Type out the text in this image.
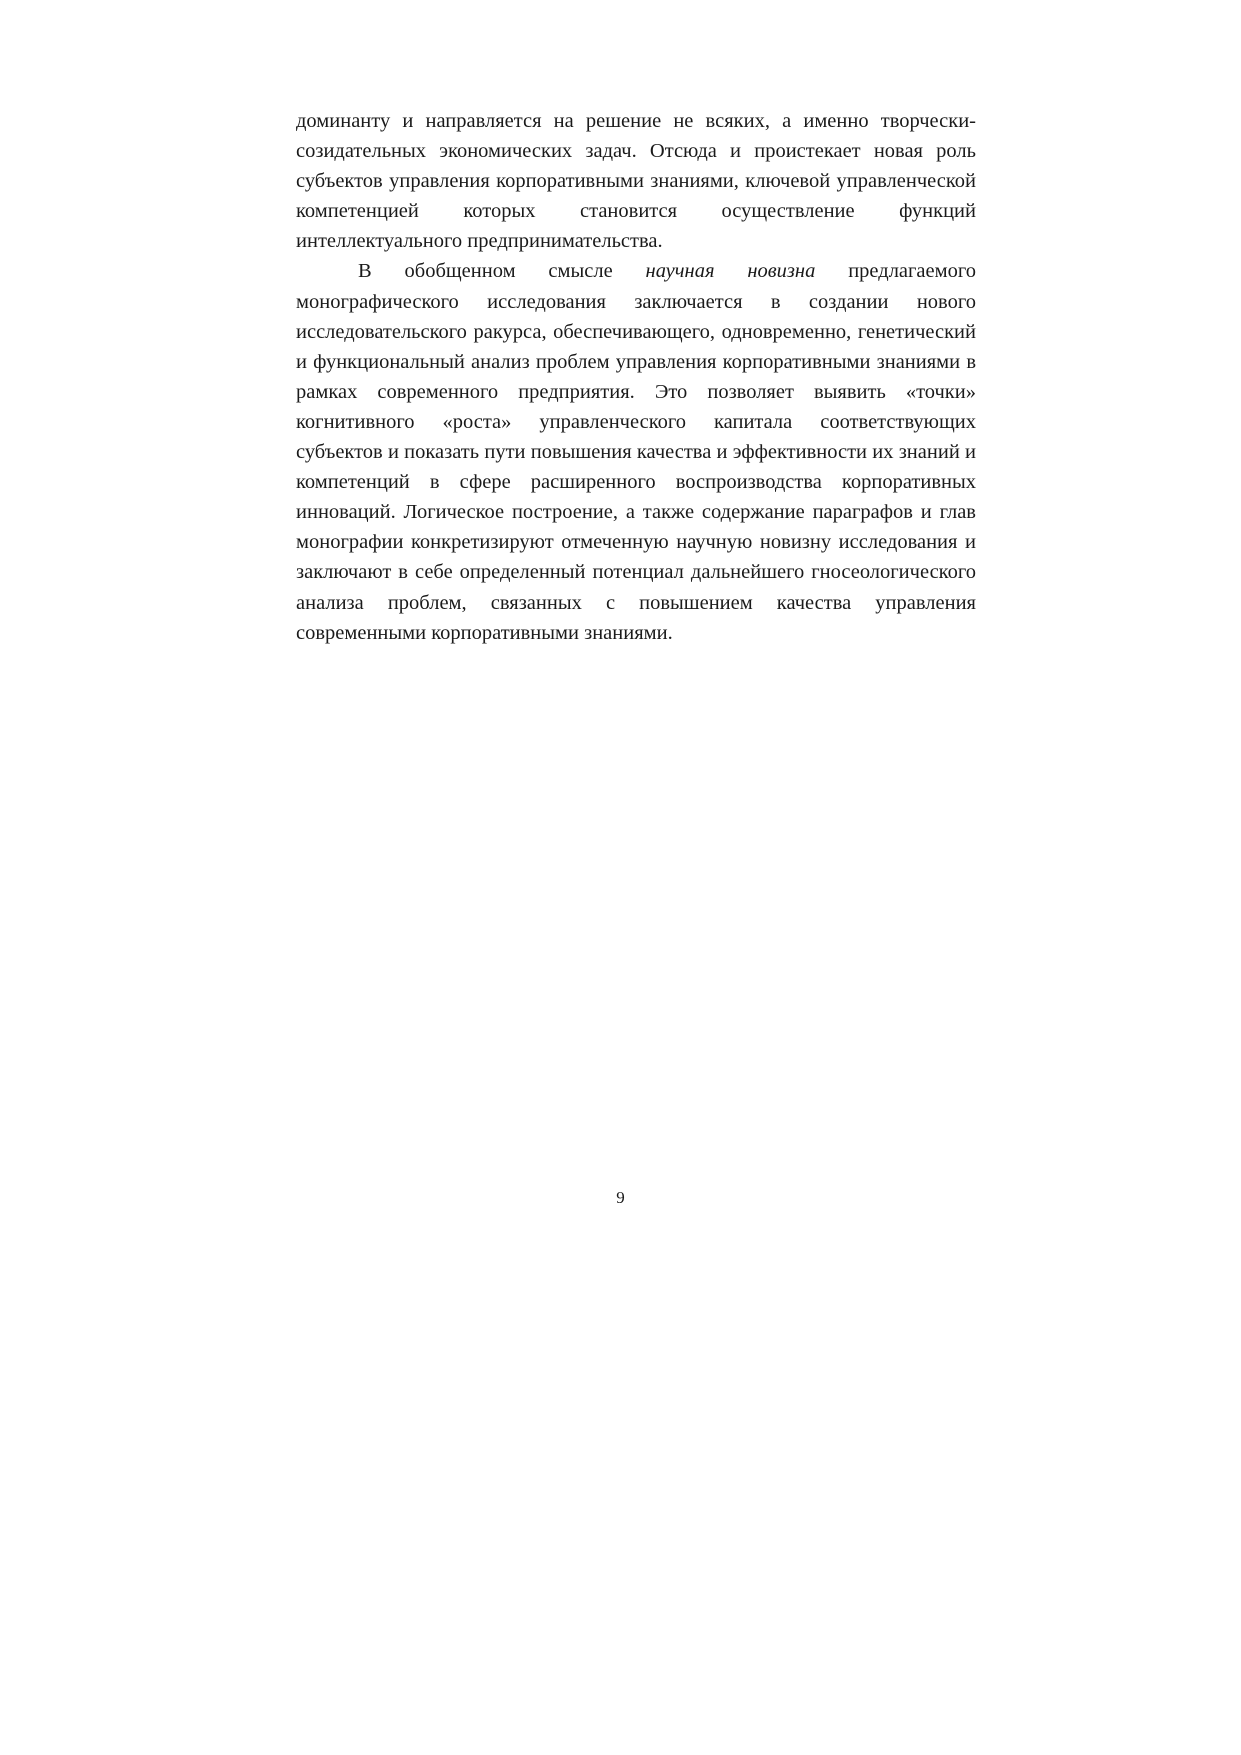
доминанту и направляется на решение не всяких, а именно творчески-созидательных экономических задач. Отсюда и проистекает новая роль субъектов управления корпоративными знаниями, ключевой управленческой компетенцией которых становится осуществление функций интеллектуального предпринимательства.

В обобщенном смысле научная новизна предлагаемого монографического исследования заключается в создании нового исследовательского ракурса, обеспечивающего, одновременно, генетический и функциональный анализ проблем управления корпоративными знаниями в рамках современного предприятия. Это позволяет выявить «точки» когнитивного «роста» управленческого капитала соответствующих субъектов и показать пути повышения качества и эффективности их знаний и компетенций в сфере расширенного воспроизводства корпоративных инноваций. Логическое построение, а также содержание параграфов и глав монографии конкретизируют отмеченную научную новизну исследования и заключают в себе определенный потенциал дальнейшего гносеологического анализа проблем, связанных с повышением качества управления современными корпоративными знаниями.

9
